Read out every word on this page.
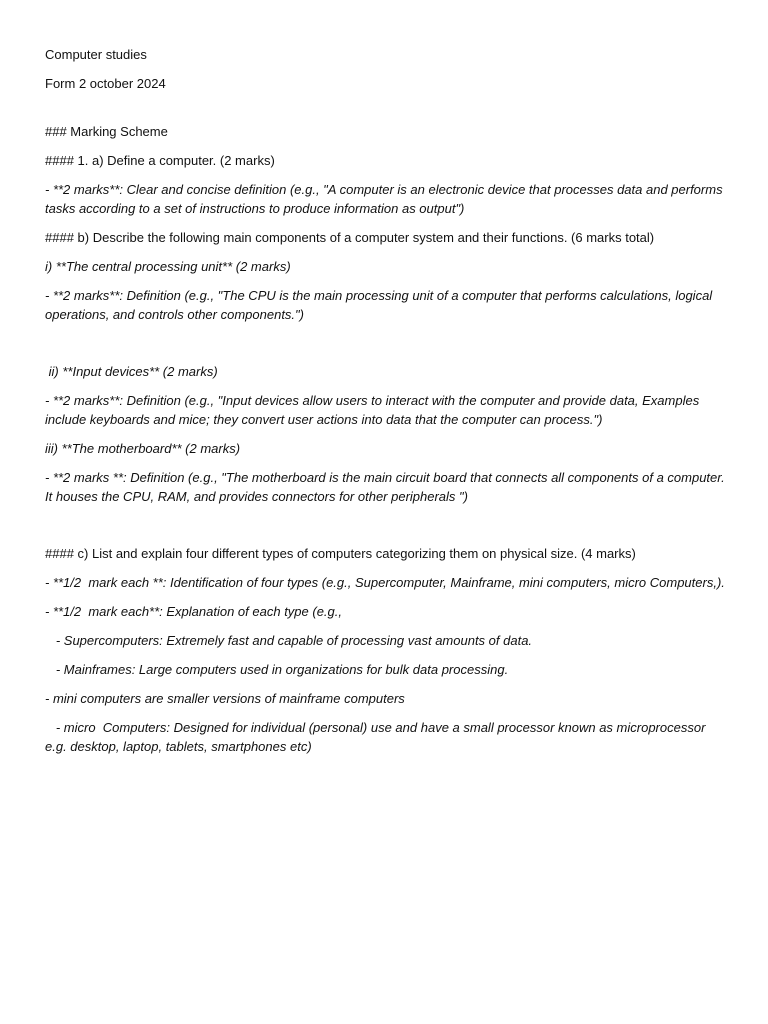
Computer studies

Form 2 october 2024

### Marking Scheme

#### 1. a) Define a computer. (2 marks)

- **2 marks**: Clear and concise definition (e.g., "A computer is an electronic device that processes data and performs tasks according to a set of instructions to produce information as output")

#### b) Describe the following main components of a computer system and their functions. (6 marks total)

i) **The central processing unit** (2 marks)

- **2 marks**: Definition (e.g., "The CPU is the main processing unit of a computer that performs calculations, logical operations, and controls other components.")

ii) **Input devices** (2 marks)

- **2 marks**: Definition (e.g., "Input devices allow users to interact with the computer and provide data, Examples include keyboards and mice; they convert user actions into data that the computer can process.")

iii) **The motherboard** (2 marks)

- **2 marks **: Definition (e.g., "The motherboard is the main circuit board that connects all components of a computer. It houses the CPU, RAM, and provides connectors for other peripherals ")

#### c) List and explain four different types of computers categorizing them on physical size. (4 marks)

- **1/2  mark each **: Identification of four types (e.g., Supercomputer, Mainframe, mini computers, micro Computers,).

- **1/2  mark each**: Explanation of each type (e.g.,

- Supercomputers: Extremely fast and capable of processing vast amounts of data.

- Mainframes: Large computers used in organizations for bulk data processing.

- mini computers are smaller versions of mainframe computers

- micro  Computers: Designed for individual (personal) use and have a small processor known as microprocessor e.g. desktop, laptop, tablets, smartphones etc)
